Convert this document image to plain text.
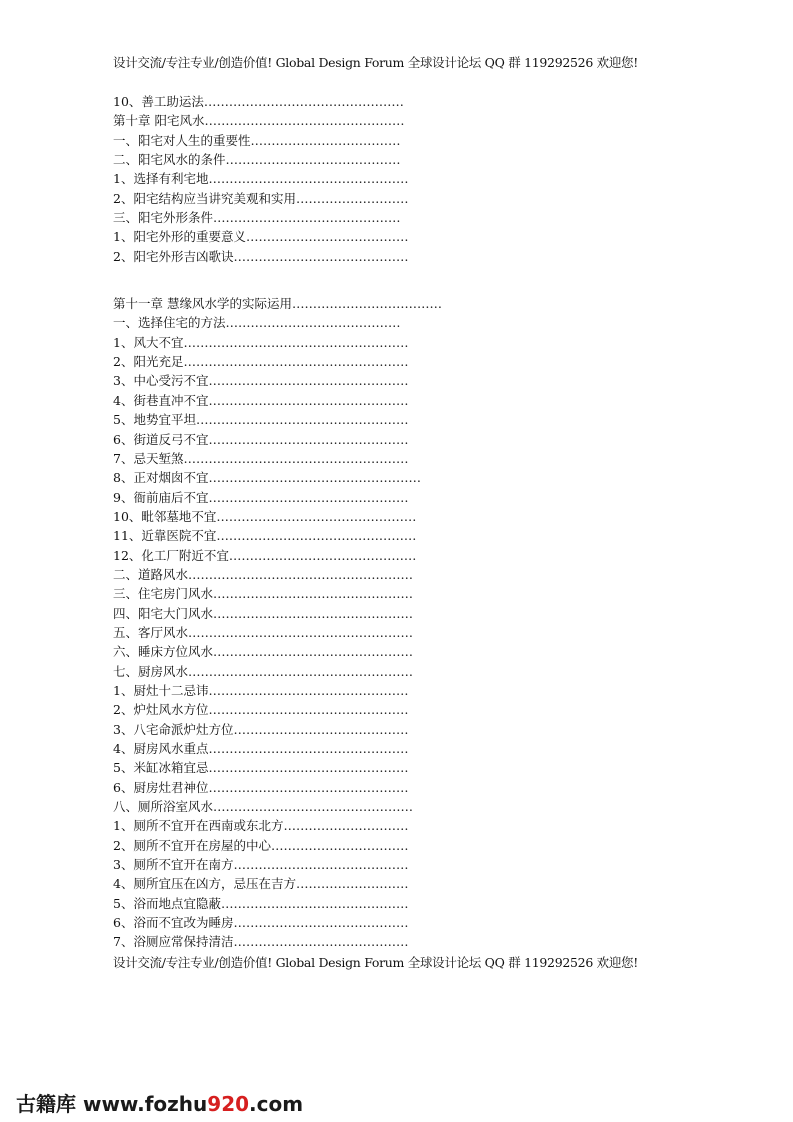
设计交流/专注专业/创造价值! Global Design Forum 全球设计论坛 QQ 群 119292526 欢迎您!
10、善工助运法…………………………………………
第十章 阳宅风水…………………………………………
一、阳宅对人生的重要性………………………………
二、阳宅风水的条件……………………………………
1、选择有利宅地…………………………………………
2、阳宅结构应当讲究美观和实用………………………
三、阳宅外形条件………………………………………
1、阳宅外形的重要意义…………………………………
2、阳宅外形吉凶歌诀……………………………………
第十一章 慧缘风水学的实际运用………………………………
一、选择住宅的方法……………………………………
1、风大不宜………………………………………………
2、阳光充足………………………………………………
3、中心受污不宜…………………………………………
4、街巷直冲不宜…………………………………………
5、地势宜平坦……………………………………………
6、街道反弓不宜…………………………………………
7、忌天堑煞………………………………………………
8、正对烟囱不宜……………………………………………
9、衙前庙后不宜…………………………………………
10、毗邻墓地不宜…………………………………………
11、近靠医院不宜…………………………………………
12、化工厂附近不宜………………………………………
二、道路风水………………………………………………
三、住宅房门风水…………………………………………
四、阳宅大门风水…………………………………………
五、客厅风水………………………………………………
六、睡床方位风水…………………………………………
七、厨房风水………………………………………………
1、厨灶十二忌讳…………………………………………
2、炉灶风水方位…………………………………………
3、八宅命派炉灶方位……………………………………
4、厨房风水重点…………………………………………
5、米缸冰箱宜忌…………………………………………
6、厨房灶君神位…………………………………………
八、厕所浴室风水…………………………………………
1、厕所不宜开在西南或东北方…………………………
2、厕所不宜开在房屋的中心……………………………
3、厕所不宜开在南方……………………………………
4、厕所宜压在凶方，忌压在吉方………………………
5、浴而地点宜隐蔽………………………………………
6、浴而不宜改为睡房……………………………………
7、浴厕应常保持清洁……………………………………
设计交流/专注专业/创造价值! Global Design Forum 全球设计论坛 QQ 群 119292526 欢迎您!
古籍库 www.fozhu920.com
